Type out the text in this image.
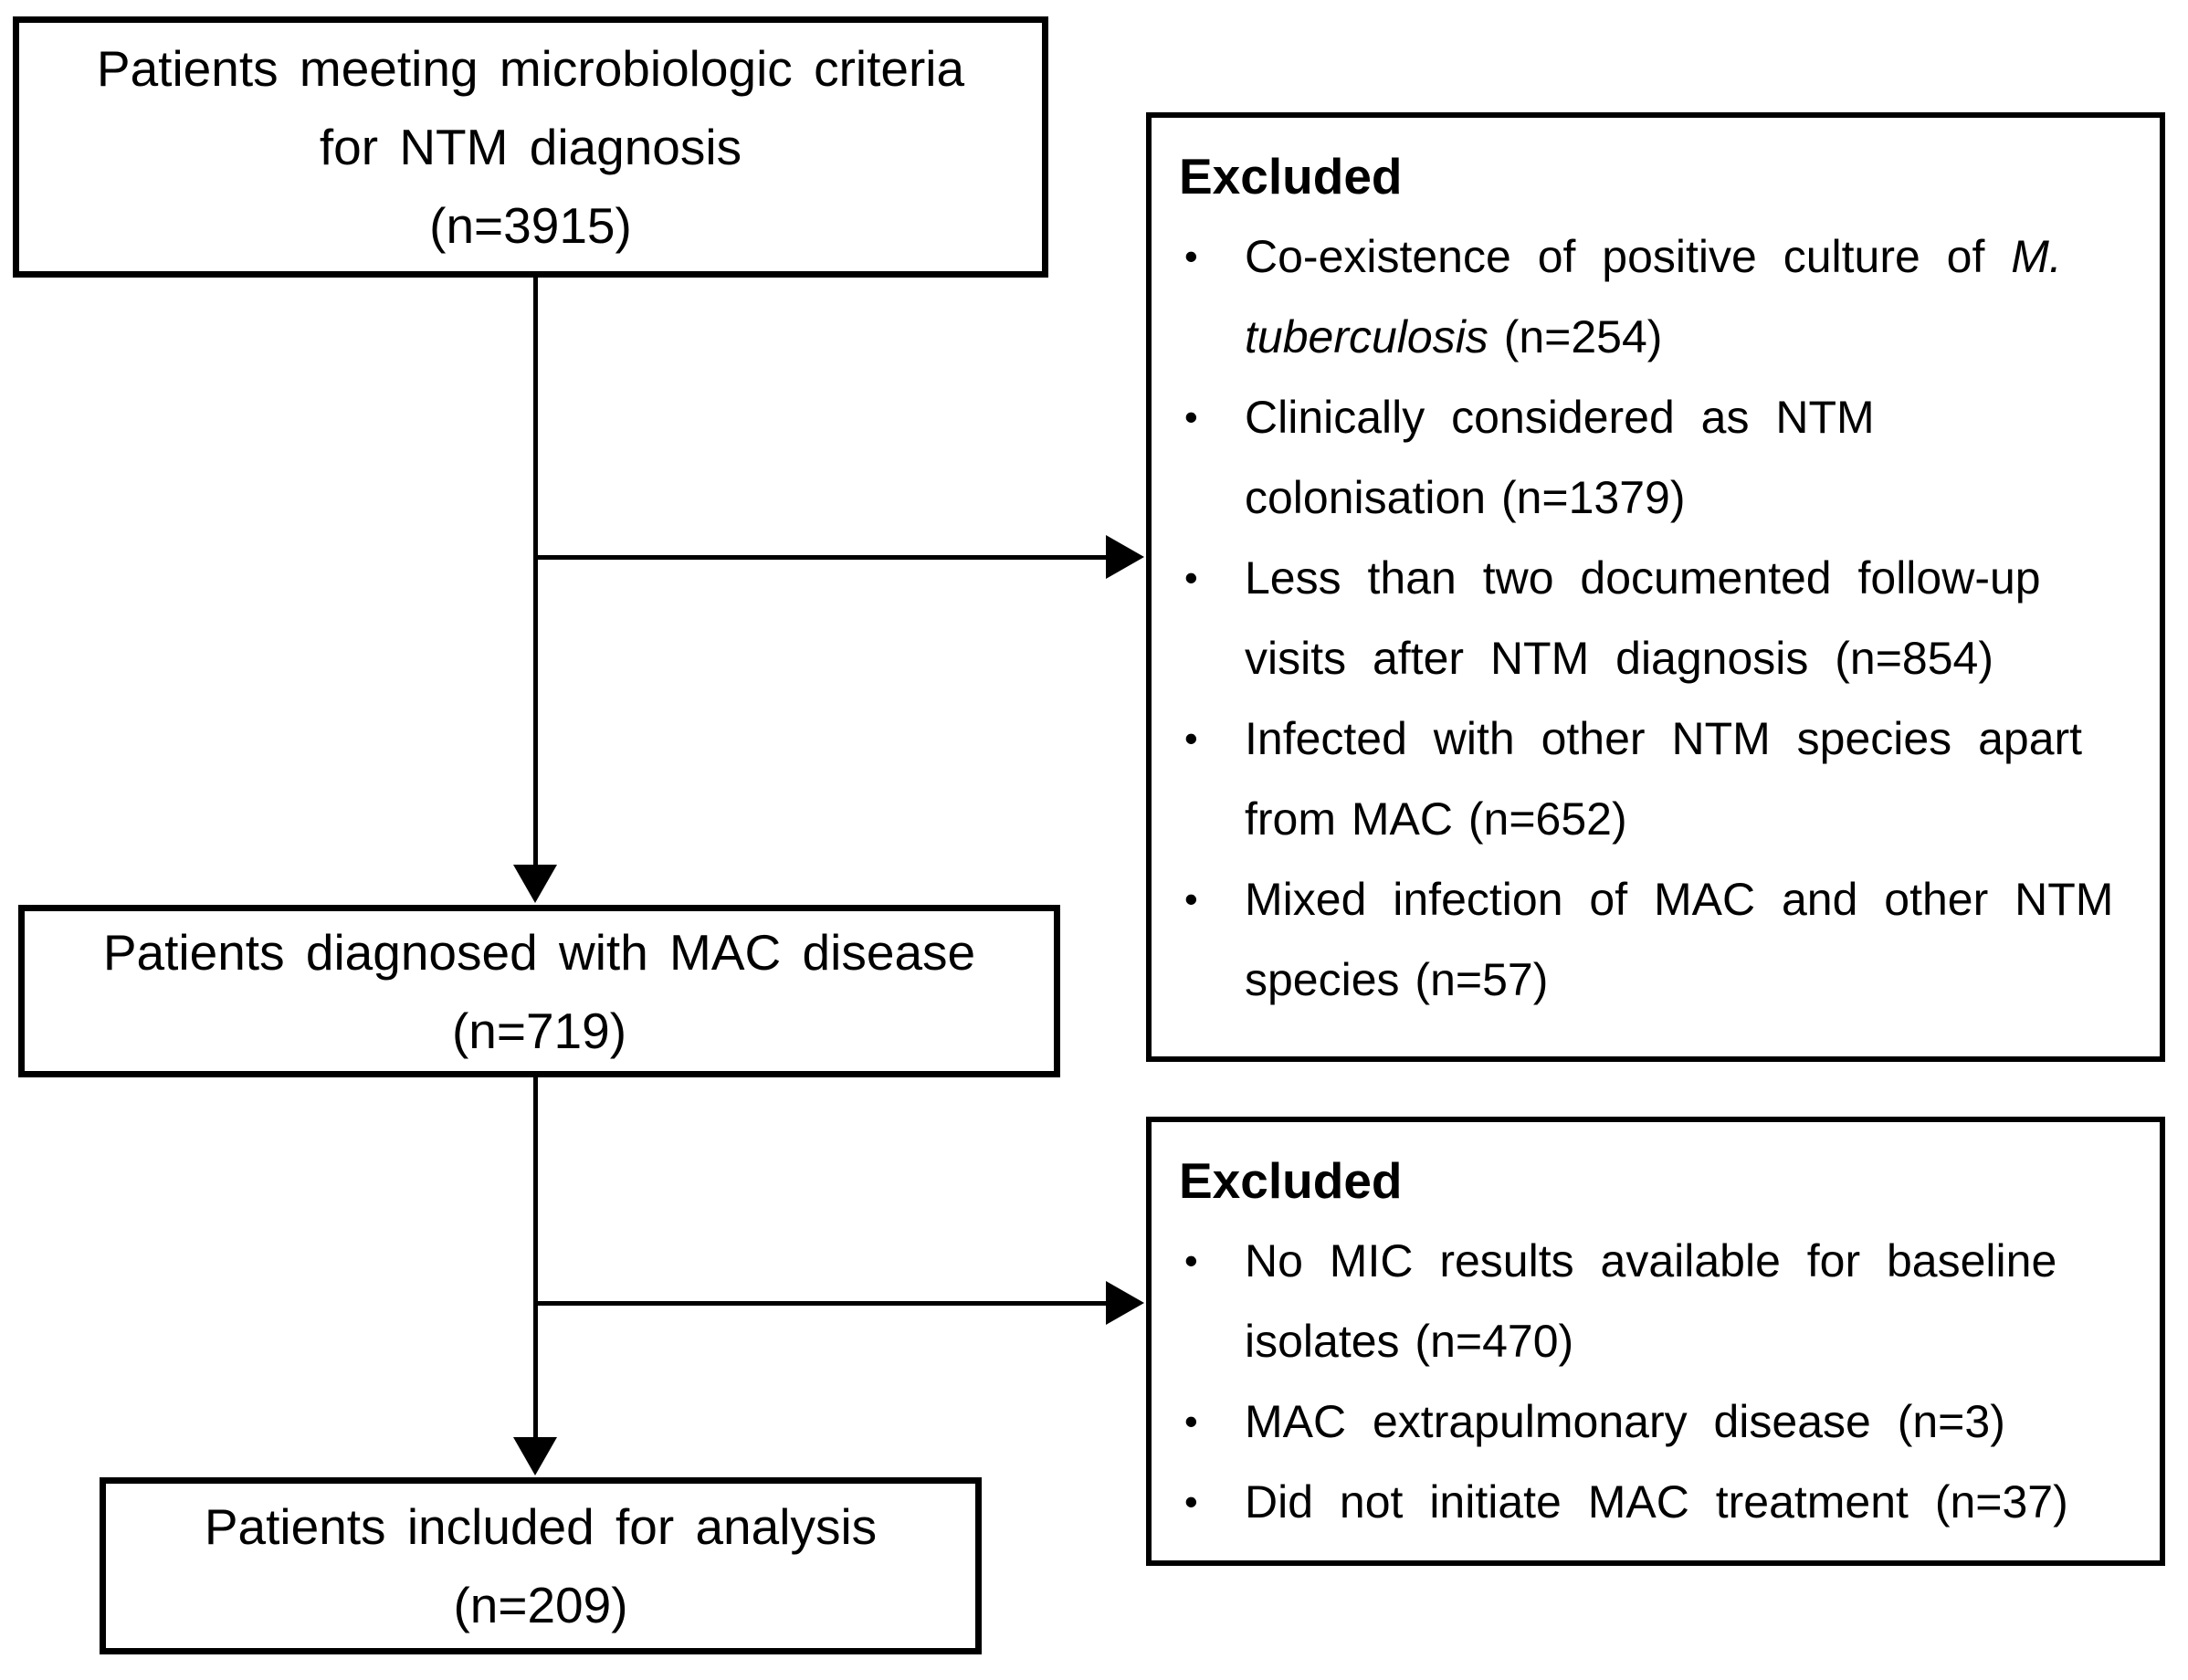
Patients meeting microbiologic criteria
for NTM diagnosis
(n=3915)
Patients diagnosed with MAC disease
(n=719)
Patients included for analysis
(n=209)
Excluded
•	Co-existence of positive culture of M.
tuberculosis (n=254)
•	Clinically considered as NTM
colonisation (n=1379)
•	Less than two documented follow-up
visits after NTM diagnosis (n=854)
•	Infected with other NTM species apart
from MAC (n=652)
•	Mixed infection of MAC and other NTM
species (n=57)
Excluded
•	No MIC results available for baseline
isolates (n=470)
•	MAC extrapulmonary disease (n=3)
•	Did not initiate MAC treatment (n=37)
